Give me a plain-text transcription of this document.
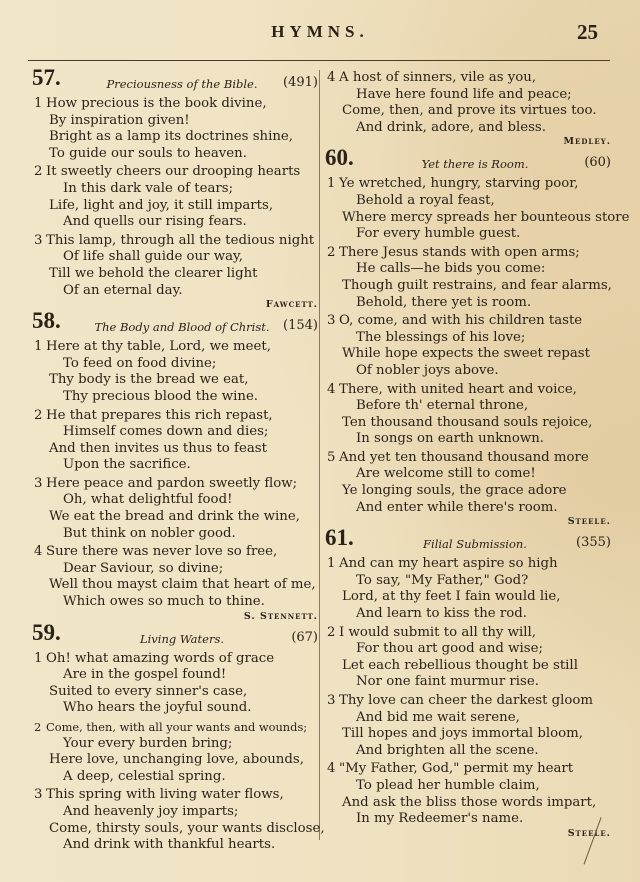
HYMNS.	25
57.	Preciousness of the Bible.	(491)
1 How precious is the book divine,
By inspiration given!
Bright as a lamp its doctrines shine,
To guide our souls to heaven.
2 It sweetly cheers our drooping hearts
In this dark vale of tears;
Life, light and joy, it still imparts,
And quells our rising fears.
3 This lamp, through all the tedious night
Of life shall guide our way,
Till we behold the clearer light
Of an eternal day.
Fawcett.
58.	The Body and Blood of Christ. (154)
1 Here at thy table, Lord, we meet,
To feed on food divine;
Thy body is the bread we eat,
Thy precious blood the wine.
2 He that prepares this rich repast,
Himself comes down and dies;
And then invites us thus to feast
Upon the sacrifice.
3 Here peace and pardon sweetly flow;
Oh, what delightful food!
We eat the bread and drink the wine,
But think on nobler good.
4 Sure there was never love so free,
Dear Saviour, so divine;
Well thou mayst claim that heart of me,
Which owes so much to thine.
S. Stennett.
59.	Living Waters.	(67)
1 Oh! what amazing words of grace
Are in the gospel found!
Suited to every sinner's case,
Who hears the joyful sound.
2 Come, then, with all your wants and wounds;
Your every burden bring;
Here love, unchanging love, abounds,
A deep, celestial spring.
3 This spring with living water flows,
And heavenly joy imparts;
Come, thirsty souls, your wants disclose,
And drink with thankful hearts.
4 A host of sinners, vile as you,
Have here found life and peace;
Come, then, and prove its virtues too.
And drink, adore, and bless.
Medley.
60.	Yet there is Room.	(60)
1 Ye wretched, hungry, starving poor,
Behold a royal feast,
Where mercy spreads her bounteous store
For every humble guest.
2 There Jesus stands with open arms;
He calls—he bids you come:
Though guilt restrains, and fear alarms,
Behold, there yet is room.
3 O, come, and with his children taste
The blessings of his love;
While hope expects the sweet repast
Of nobler joys above.
4 There, with united heart and voice,
Before th' eternal throne,
Ten thousand thousand souls rejoice,
In songs on earth unknown.
5 And yet ten thousand thousand more
Are welcome still to come!
Ye longing souls, the grace adore
And enter while there's room.
Steele.
61.	Filial Submission.	(355)
1 And can my heart aspire so high
To say, "My Father," God?
Lord, at thy feet I fain would lie,
And learn to kiss the rod.
2 I would submit to all thy will,
For thou art good and wise;
Let each rebellious thought be still
Nor one faint murmur rise.
3 Thy love can cheer the darkest gloom
And bid me wait serene,
Till hopes and joys immortal bloom,
And brighten all the scene.
4 "My Father, God," permit my heart
To plead her humble claim,
And ask the bliss those words impart,
In my Redeemer's name.
Steele.
